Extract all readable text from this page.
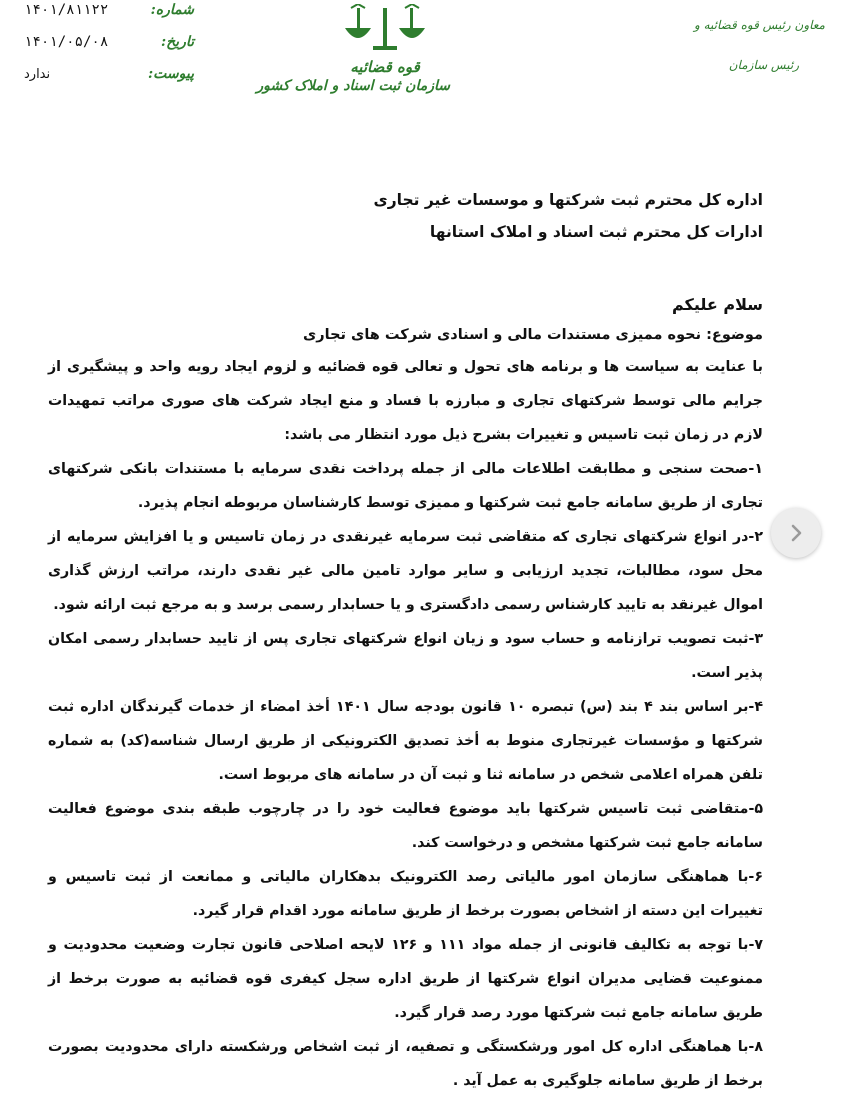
شماره:
۱۴۰۱/۸۱۱۲۲
تاریخ:
۱۴۰۱/۰۵/۰۸
پیوست:
ندارد	قوه قضائیه
سازمان ثبت اسناد و املاک کشور
معاون رئیس قوه قضائیه و
رئیس سازمان

اداره کل محترم ثبت شرکتها و موسسات غیر تجاری

ادارات کل محترم ثبت اسناد و املاک استانها

سلام علیکم

موضوع: نحوه ممیزی مستندات مالی و اسنادی شرکت های تجاری

با عنایت به سیاست ها و برنامه های تحول و تعالی قوه قضائیه و لزوم ایجاد رویه واحد و پیشگیری از جرایم مالی توسط شرکتهای تجاری و مبارزه با فساد و منع ایجاد شرکت های صوری مراتب تمهیدات لازم در زمان ثبت تاسیس و تغییرات بشرح ذیل مورد انتظار می باشد:

۱-صحت سنجی و مطابقت اطلاعات مالی از جمله پرداخت نقدی سرمایه با مستندات بانکی شرکتهای تجاری از طریق سامانه جامع ثبت شرکتها و ممیزی توسط کارشناسان مربوطه انجام پذیرد.

۲-در انواع شرکتهای تجاری که متقاضی ثبت سرمایه غیرنقدی در زمان تاسیس و یا افزایش سرمایه از محل سود، مطالبات، تجدید ارزیابی و سایر موارد تامین مالی غیر نقدی دارند، مراتب ارزش گذاری اموال غیرنقد به تایید کارشناس رسمی دادگستری و یا حسابدار رسمی برسد و به مرجع ثبت ارائه شود.

۳-ثبت تصویب ترازنامه و حساب سود و زیان انواع شرکتهای تجاری پس از تایید حسابدار رسمی امکان پذیر است.

۴-بر اساس بند ۴ بند (س) تبصره ۱۰ قانون بودجه سال ۱۴۰۱ أخذ امضاء از خدمات گیرندگان اداره ثبت شرکتها و مؤسسات غیرتجاری منوط به أخذ تصدیق الکترونیکی از طریق ارسال شناسه(کد) به شماره تلفن همراه اعلامی شخص در سامانه ثنا و ثبت آن در سامانه های مربوط است.

۵-متقاضی ثبت تاسیس شرکتها باید موضوع فعالیت خود را در چارچوب طبقه بندی موضوع فعالیت سامانه جامع ثبت شرکتها مشخص و درخواست کند.

۶-با هماهنگی سازمان امور مالیاتی رصد الکترونیک بدهکاران مالیاتی و ممانعت از ثبت تاسیس و تغییرات این دسته از اشخاص بصورت برخط از طریق سامانه مورد اقدام قرار گیرد.

۷-با توجه به تکالیف قانونی از جمله مواد ۱۱۱ و ۱۲۶ لایحه اصلاحی قانون تجارت وضعیت محدودیت و ممنوعیت قضایی مدیران انواع شرکتها از طریق اداره سجل کیفری قوه قضائیه به صورت برخط از طریق سامانه جامع ثبت شرکتها مورد رصد قرار گیرد.

۸-با هماهنگی اداره کل امور ورشکستگی و تصفیه، از ثبت اشخاص ورشکسته دارای محدودیت بصورت برخط از طریق سامانه جلوگیری به عمل آید .
